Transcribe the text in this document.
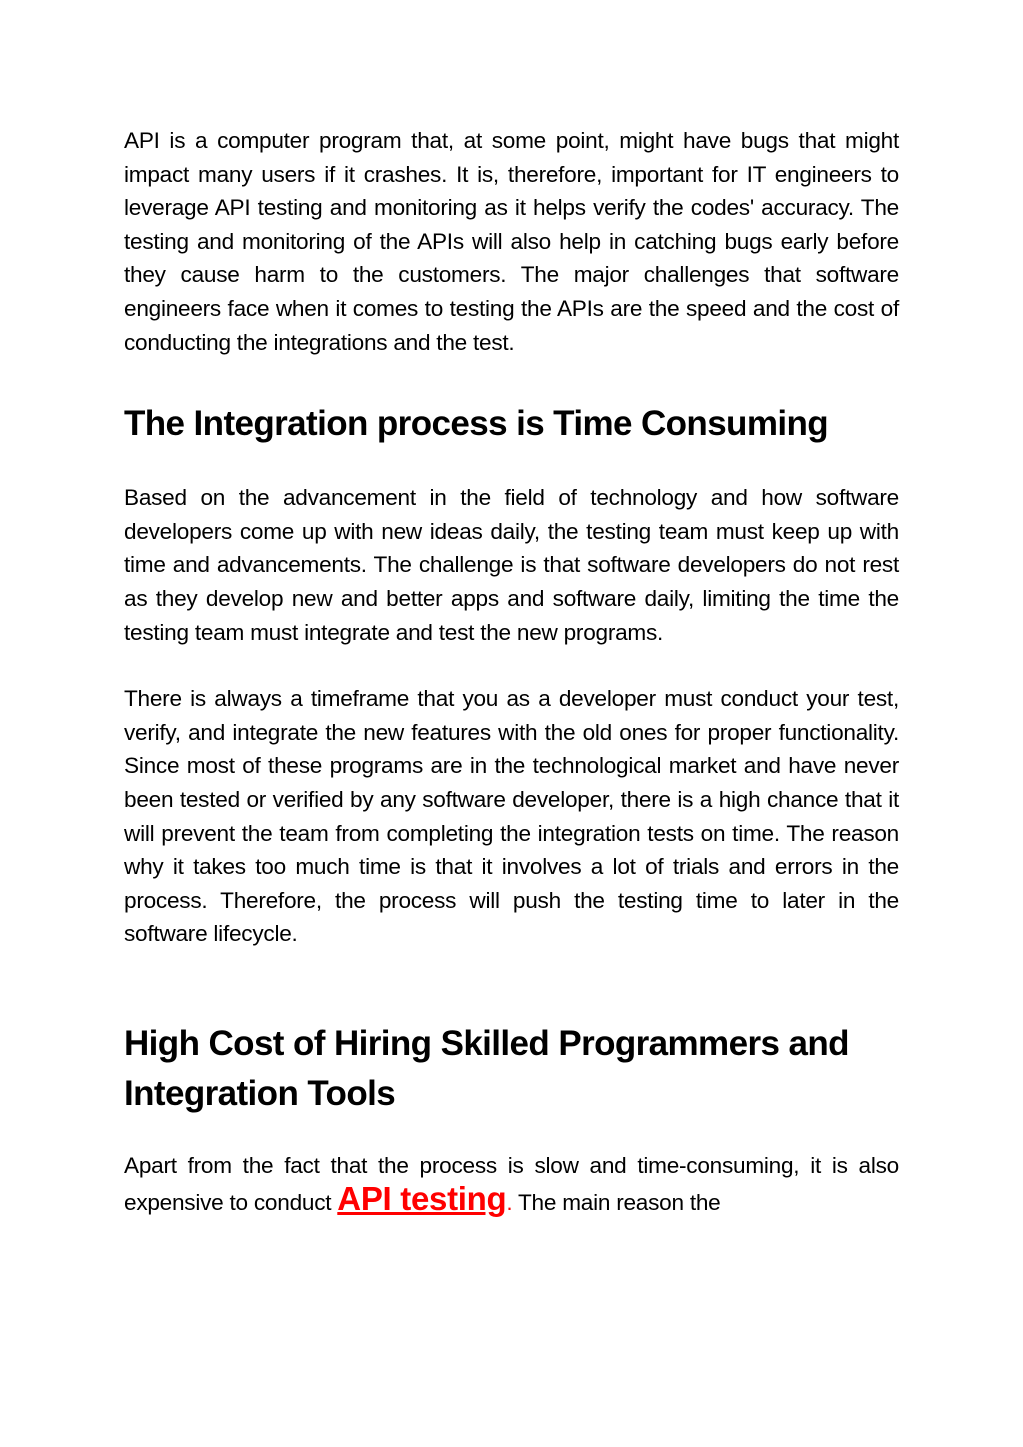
API is a computer program that, at some point, might have bugs that might impact many users if it crashes. It is, therefore, important for IT engineers to leverage API testing and monitoring as it helps verify the codes' accuracy. The testing and monitoring of the APIs will also help in catching bugs early before they cause harm to the customers. The major challenges that software engineers face when it comes to testing the APIs are the speed and the cost of conducting the integrations and the test.

The Integration process is Time Consuming

Based on the advancement in the field of technology and how software developers come up with new ideas daily, the testing team must keep up with time and advancements. The challenge is that software developers do not rest as they develop new and better apps and software daily, limiting the time the testing team must integrate and test the new programs.

There is always a timeframe that you as a developer must conduct your test, verify, and integrate the new features with the old ones for proper functionality. Since most of these programs are in the technological market and have never been tested or verified by any software developer, there is a high chance that it will prevent the team from completing the integration tests on time. The reason why it takes too much time is that it involves a lot of trials and errors in the process. Therefore, the process will push the testing time to later in the software lifecycle.

High Cost of Hiring Skilled Programmers and Integration Tools

Apart from the fact that the process is slow and time-consuming, it is also expensive to conduct API testing. The main reason the
